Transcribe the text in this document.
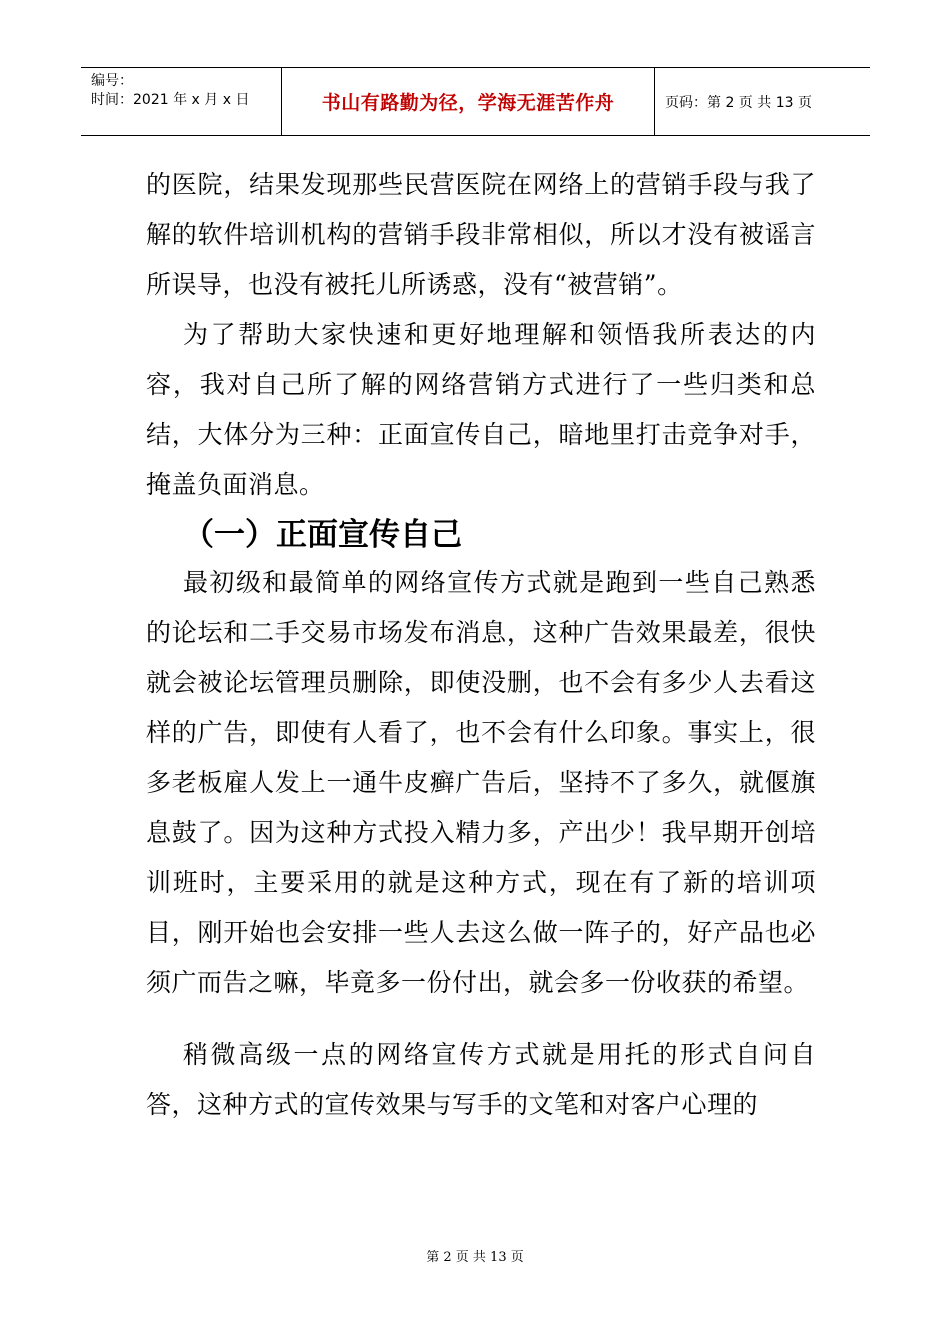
编号：
时间：2021 年 x 月 x 日	书山有路勤为径，学海无涯苦作舟	页码：第 2 页 共 13 页

的医院，结果发现那些民营医院在网络上的营销手段与我了解的软件培训机构的营销手段非常相似，所以才没有被谣言所误导，也没有被托儿所诱惑，没有“被营销”。

为了帮助大家快速和更好地理解和领悟我所表达的内容，我对自己所了解的网络营销方式进行了一些归类和总结，大体分为三种：正面宣传自己，暗地里打击竞争对手，掩盖负面消息。

（一）正面宣传自己

最初级和最简单的网络宣传方式就是跑到一些自己熟悉的论坛和二手交易市场发布消息，这种广告效果最差，很快就会被论坛管理员删除，即使没删，也不会有多少人去看这样的广告，即使有人看了，也不会有什么印象。事实上，很多老板雇人发上一通牛皮癣广告后，坚持不了多久，就偃旗息鼓了。因为这种方式投入精力多，产出少！我早期开创培训班时，主要采用的就是这种方式，现在有了新的培训项目，刚开始也会安排一些人去这么做一阵子的，好产品也必须广而告之嘛，毕竟多一份付出，就会多一份收获的希望。

稍微高级一点的网络宣传方式就是用托的形式自问自答，这种方式的宣传效果与写手的文笔和对客户心理的

第 2 页 共 13 页
